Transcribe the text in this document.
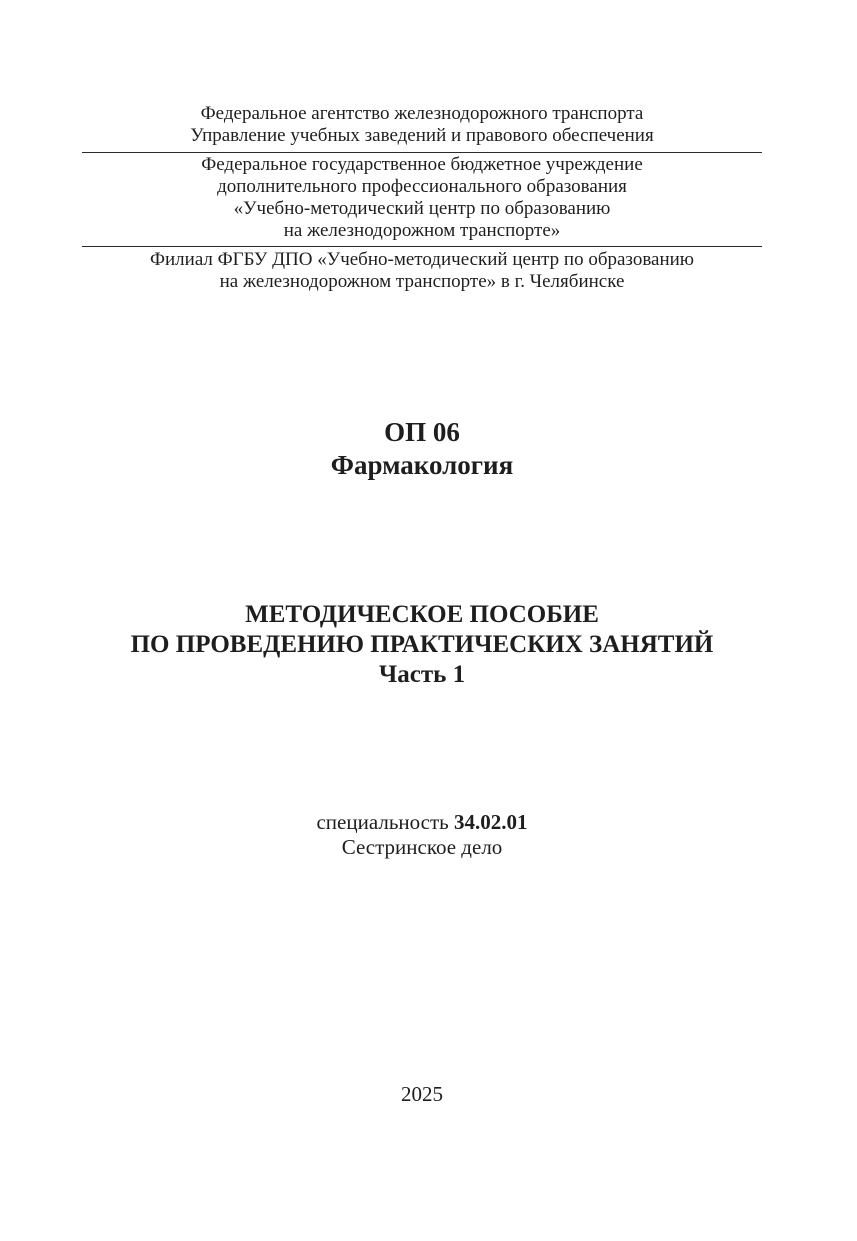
Федеральное агентство железнодорожного транспорта
Управление учебных заведений и правового обеспечения
Федеральное государственное бюджетное учреждение
дополнительного профессионального образования
«Учебно-методический центр по образованию
на железнодорожном транспорте»
Филиал ФГБУ ДПО «Учебно-методический центр по образованию
на железнодорожном транспорте» в г. Челябинске
ОП 06
Фармакология
МЕТОДИЧЕСКОЕ ПОСОБИЕ
ПО ПРОВЕДЕНИЮ ПРАКТИЧЕСКИХ ЗАНЯТИЙ
Часть 1
специальность 34.02.01
Сестринское дело
2025
